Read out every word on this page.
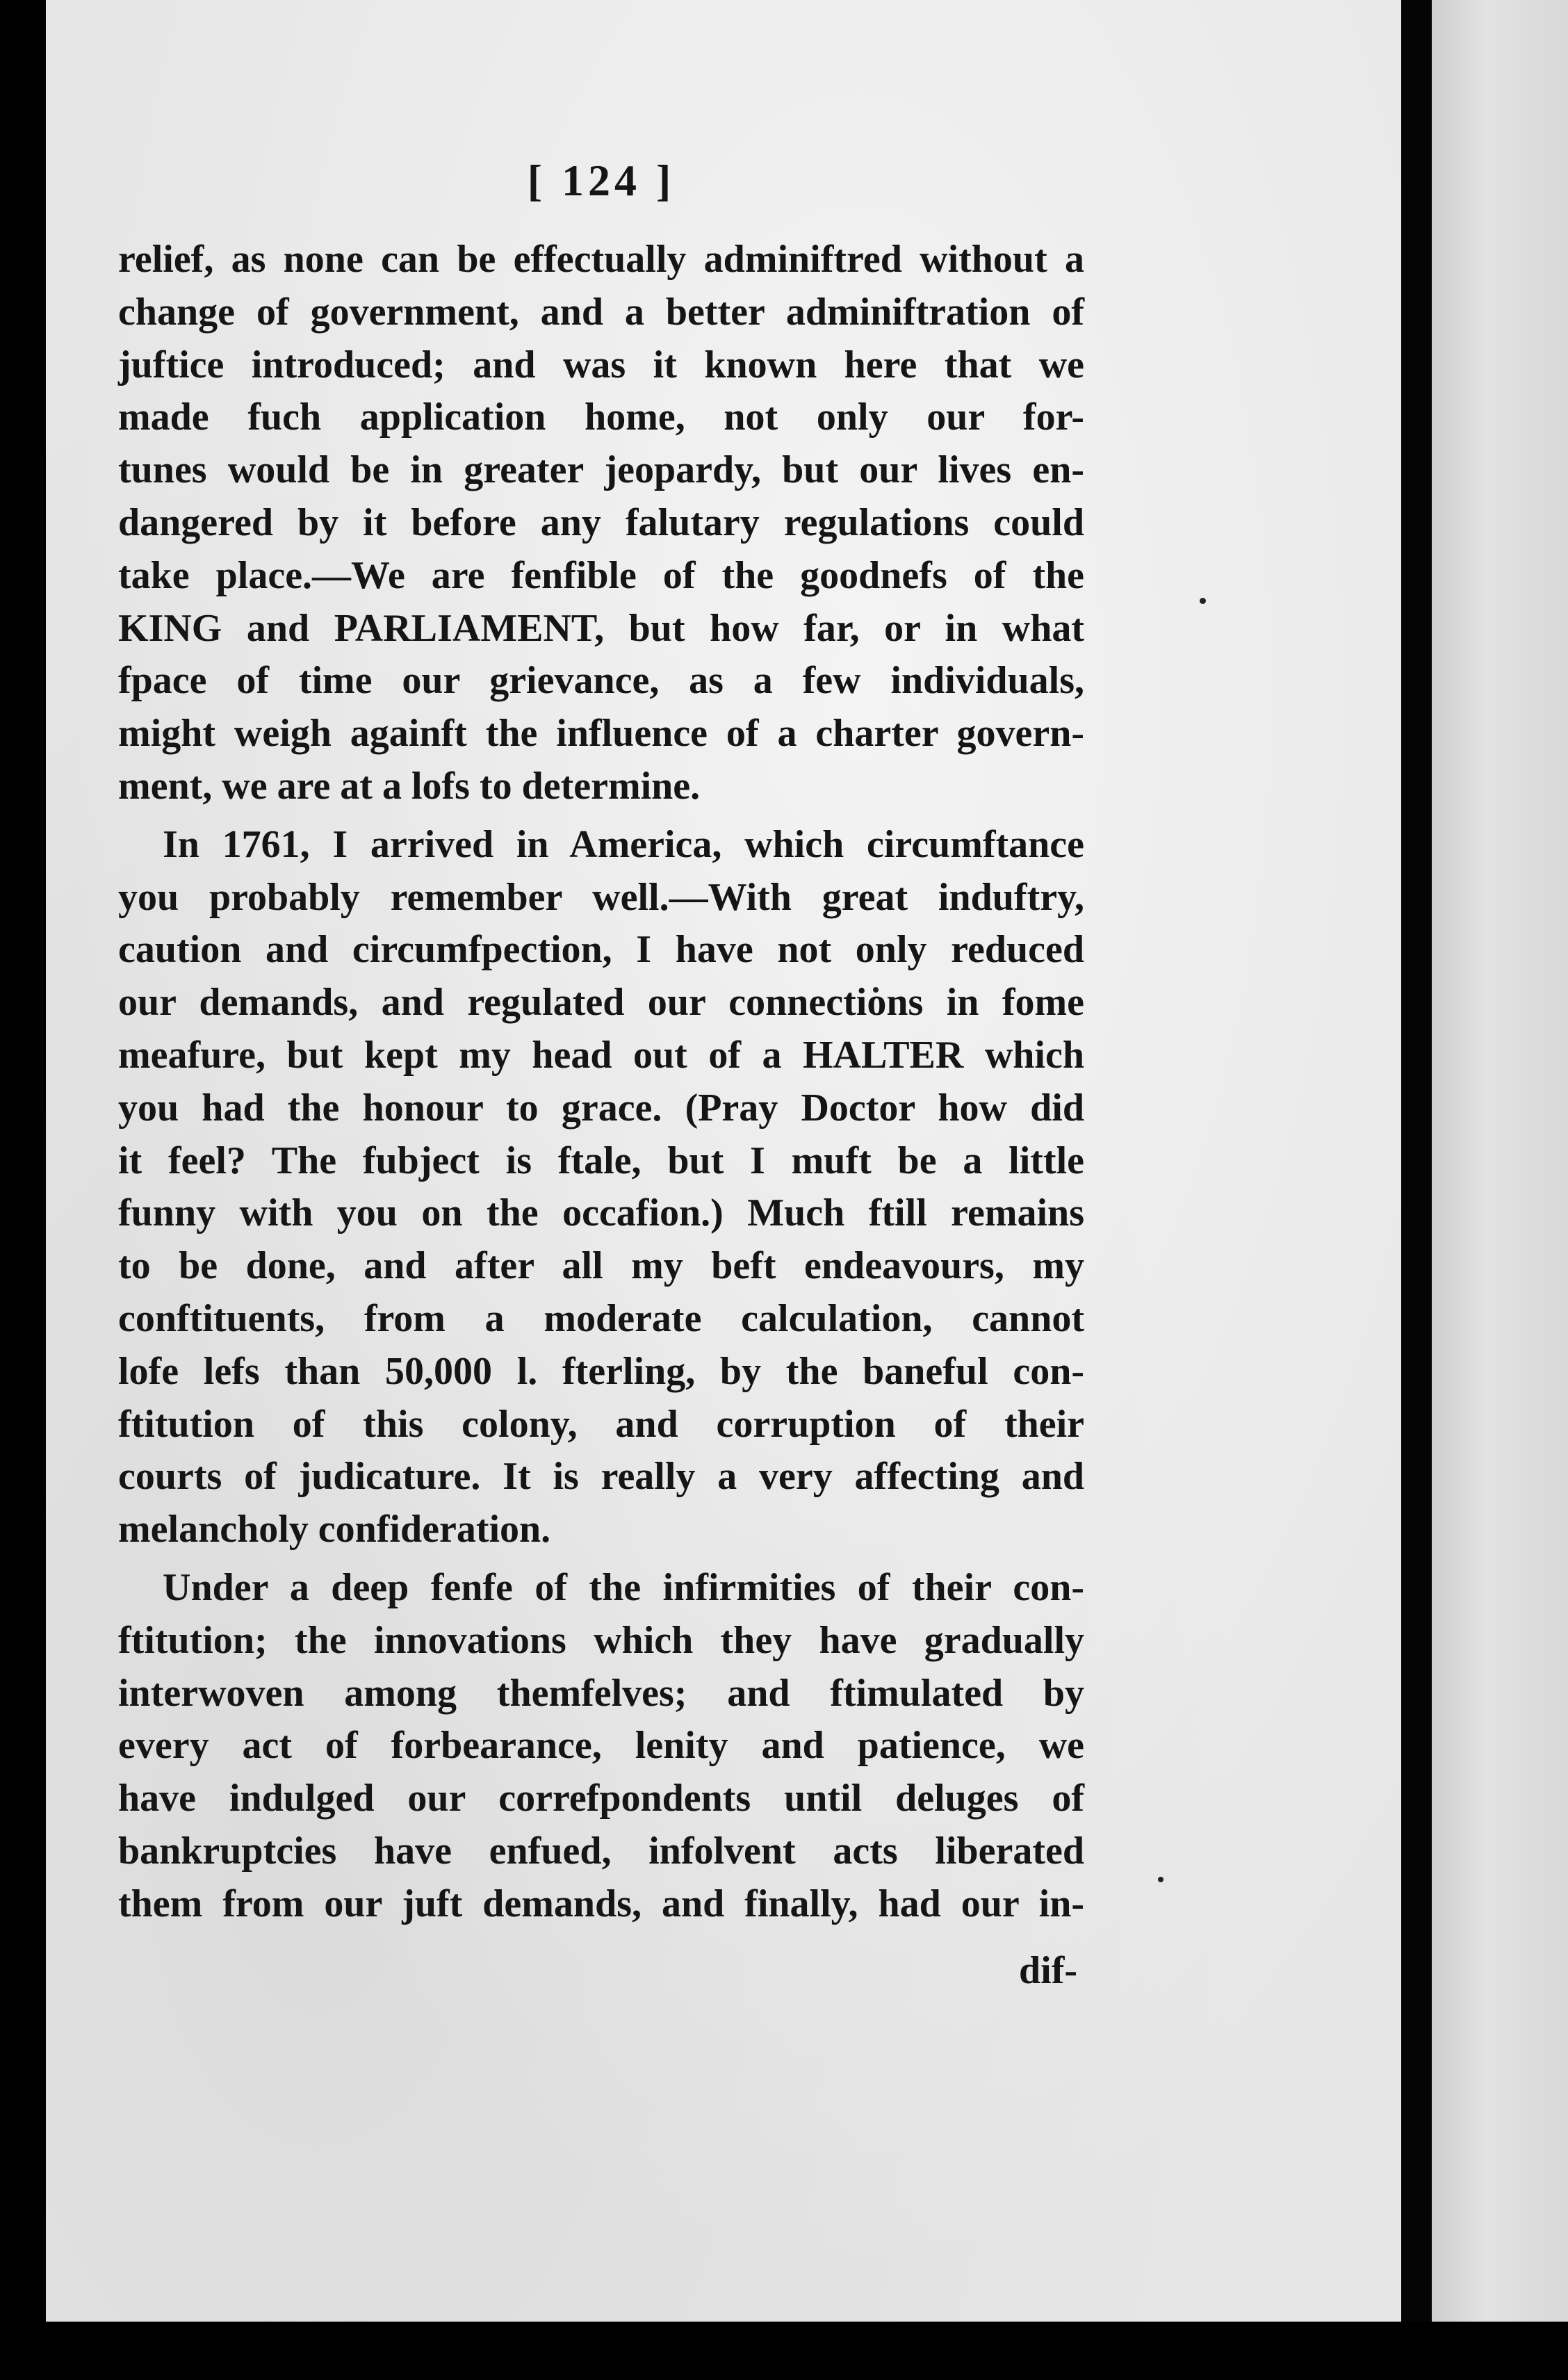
[ 124 ]
relief, as none can be effectually adminiftred without a
change of government, and a better adminiftration of
juftice introduced; and was it known here that we
made fuch application home, not only our for-
tunes would be in greater jeopardy, but our lives en-
dangered by it before any falutary regulations could
take place.—We are fenfible of the goodnefs of the
KING and PARLIAMENT, but how far, or in what
fpace of time our grievance, as a few individuals,
might weigh againft the influence of a charter govern-
ment, we are at a lofs to determine.
In 1761, I arrived in America, which circumftance
you probably remember well.—With great induftry,
caution and circumfpection, I have not only reduced
our demands, and regulated our connections in fome
meafure, but kept my head out of a HALTER which
you had the honour to grace. (Pray Doctor how did
it feel? The fubject is ftale, but I muft be a little
funny with you on the occafion.) Much ftill remains
to be done, and after all my beft endeavours, my
conftituents, from a moderate calculation, cannot
lofe lefs than 50,000 l. fterling, by the baneful con-
ftitution of this colony, and corruption of their
courts of judicature. It is really a very affecting and
melancholy confideration.
Under a deep fenfe of the infirmities of their con-
ftitution; the innovations which they have gradually
interwoven among themfelves; and ftimulated by
every act of forbearance, lenity and patience, we
have indulged our correfpondents until deluges of
bankruptcies have enfued, infolvent acts liberated
them from our juft demands, and finally, had our in-
dif-
